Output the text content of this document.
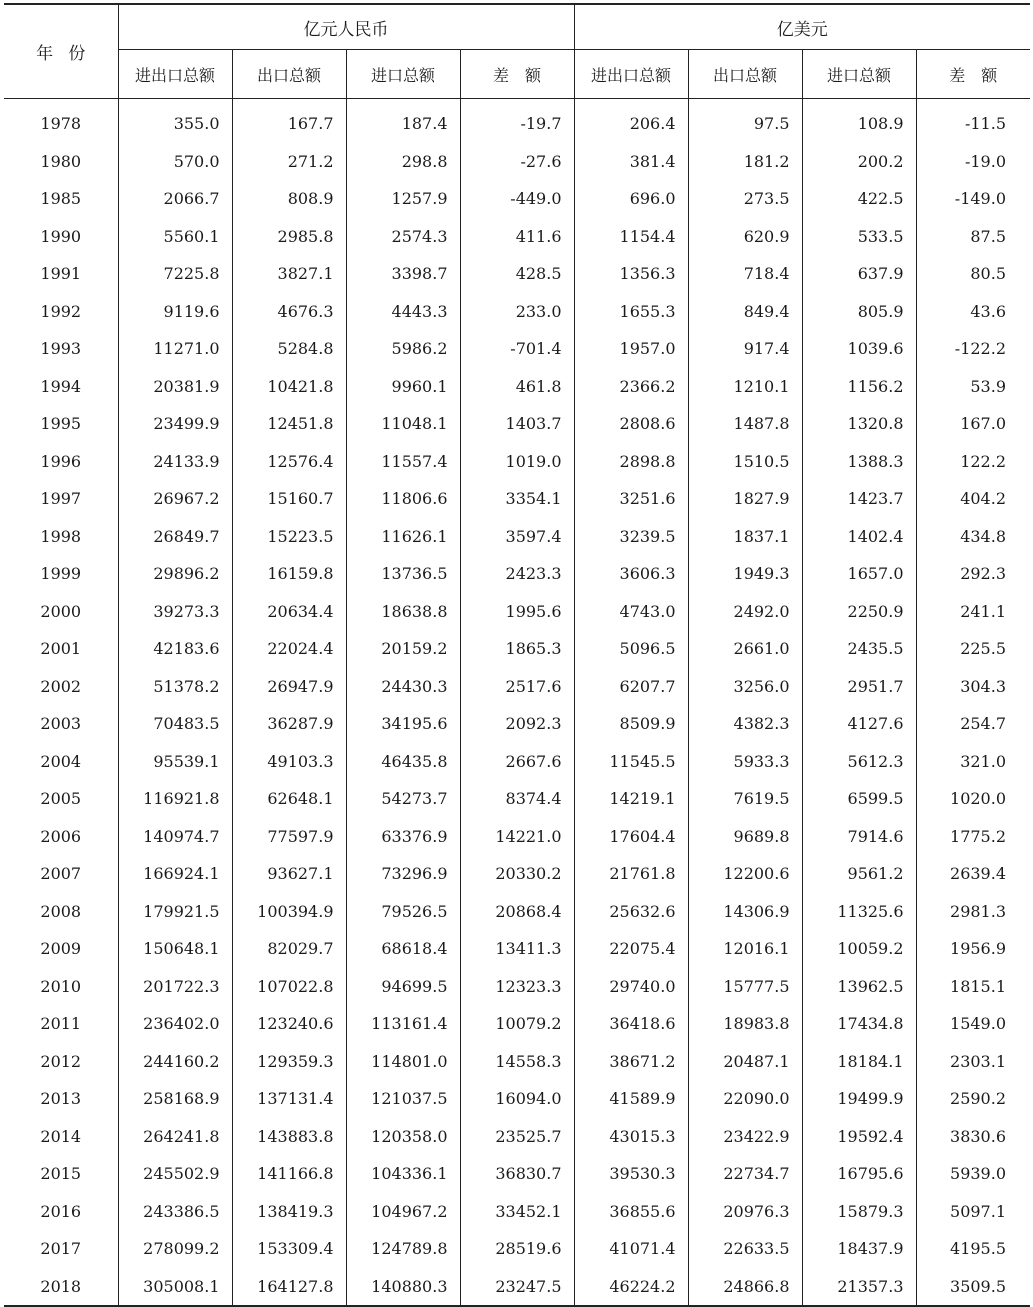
年份	亿元人民币				亿美元			
	进出口总额	出口总额	进口总额	差　额	进出口总额	出口总额	进口总额	差　额
1978	355.0	167.7	187.4	-19.7	206.4	97.5	108.9	-11.5
1980	570.0	271.2	298.8	-27.6	381.4	181.2	200.2	-19.0
1985	2066.7	808.9	1257.9	-449.0	696.0	273.5	422.5	-149.0
1990	5560.1	2985.8	2574.3	411.6	1154.4	620.9	533.5	87.5
1991	7225.8	3827.1	3398.7	428.5	1356.3	718.4	637.9	80.5
1992	9119.6	4676.3	4443.3	233.0	1655.3	849.4	805.9	43.6
1993	11271.0	5284.8	5986.2	-701.4	1957.0	917.4	1039.6	-122.2
1994	20381.9	10421.8	9960.1	461.8	2366.2	1210.1	1156.2	53.9
1995	23499.9	12451.8	11048.1	1403.7	2808.6	1487.8	1320.8	167.0
1996	24133.9	12576.4	11557.4	1019.0	2898.8	1510.5	1388.3	122.2
1997	26967.2	15160.7	11806.6	3354.1	3251.6	1827.9	1423.7	404.2
1998	26849.7	15223.5	11626.1	3597.4	3239.5	1837.1	1402.4	434.8
1999	29896.2	16159.8	13736.5	2423.3	3606.3	1949.3	1657.0	292.3
2000	39273.3	20634.4	18638.8	1995.6	4743.0	2492.0	2250.9	241.1
2001	42183.6	22024.4	20159.2	1865.3	5096.5	2661.0	2435.5	225.5
2002	51378.2	26947.9	24430.3	2517.6	6207.7	3256.0	2951.7	304.3
2003	70483.5	36287.9	34195.6	2092.3	8509.9	4382.3	4127.6	254.7
2004	95539.1	49103.3	46435.8	2667.6	11545.5	5933.3	5612.3	321.0
2005	116921.8	62648.1	54273.7	8374.4	14219.1	7619.5	6599.5	1020.0
2006	140974.7	77597.9	63376.9	14221.0	17604.4	9689.8	7914.6	1775.2
2007	166924.1	93627.1	73296.9	20330.2	21761.8	12200.6	9561.2	2639.4
2008	179921.5	100394.9	79526.5	20868.4	25632.6	14306.9	11325.6	2981.3
2009	150648.1	82029.7	68618.4	13411.3	22075.4	12016.1	10059.2	1956.9
2010	201722.3	107022.8	94699.5	12323.3	29740.0	15777.5	13962.5	1815.1
2011	236402.0	123240.6	113161.4	10079.2	36418.6	18983.8	17434.8	1549.0
2012	244160.2	129359.3	114801.0	14558.3	38671.2	20487.1	18184.1	2303.1
2013	258168.9	137131.4	121037.5	16094.0	41589.9	22090.0	19499.9	2590.2
2014	264241.8	143883.8	120358.0	23525.7	43015.3	23422.9	19592.4	3830.6
2015	245502.9	141166.8	104336.1	36830.7	39530.3	22734.7	16795.6	5939.0
2016	243386.5	138419.3	104967.2	33452.1	36855.6	20976.3	15879.3	5097.1
2017	278099.2	153309.4	124789.8	28519.6	41071.4	22633.5	18437.9	4195.5
2018	305008.1	164127.8	140880.3	23247.5	46224.2	24866.8	21357.3	3509.5
